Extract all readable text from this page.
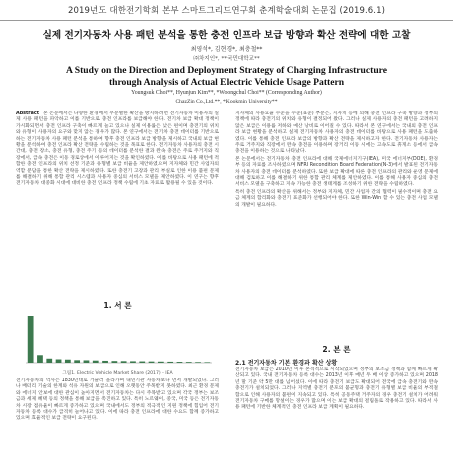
2019년도 대한전기학회 본부 스마트그리드연구회 춘계학술대회 논문집 (2019.6.1)
실제 전기자동차 사용 패턴 분석을 통한 충전 인프라 보급 방향과 확산 전략에 대한 고찰
최영석*, 김현경*, 최충철**
㈜차지인*, **국민대학교**
A Study on the Direction and Deployment Strategy of Charging Infrastructure through Analysis of Actual Electric Vehicle Usage Pattern
Youngsuk Choi**, Hyunjun Kim**, *Woongchul Choi** (Corresponding Author)
ChazZin Co.,Ltd.**, *Kookmin University**

Abstract 본 논문에서는 다양한 환경에서 무분별한 확산을 방지하려면 전기자동차 이용자의 실제 사용 패턴을 파악하고 이를 기반으로 충전 인프라를 보급해야 한다. 전기차 보급 확대 정책이 가시화되면서 충전 인프라 구축이 빠르게 늘고 있으나 실제 이용률은 낮은 편이며 충전기의 위치와 유형이 사용자의 요구와 맞지 않는 경우가 많다. 본 연구에서는 전기차 충전 데이터를 기반으로 하는 전기자동차 사용 패턴 분석을 통하여 향후 충전 인프라 보급 방향을 제시하고 국내외 보급 현황을 분석하여 충전 인프라 확산 전략을 수립하는 것을 목표로 한다. 전기자동차 사용자의 충전 시간대, 충전 장소, 충전 유형, 충전 주기 등의 데이터를 분석한 결과 완속 충전은 주로 주거지와 직장에서, 급속 충전은 이동 경로상에서 이루어지는 것을 확인하였다. 이를 바탕으로 사용 패턴에 적합한 충전 인프라의 위치 선정 기준과 유형별 보급 비율을 제안하였으며 지자체와 민간 사업자의 역할 분담을 통한 확산 전략을 제시하였다. 또한 충전기 고장과 관리 부실로 인한 이용 불편 문제를 해결하기 위해 통합 관리 시스템과 사용자 중심의 서비스 모델을 제안하였다. 이 연구는 향후 전기자동차 대중화 시대에 대비한 충전 인프라 정책 수립에 기초 자료로 활용될 수 있을 것이다.

1. 서 론
그림1. Electric Vehicle Market Share (2017) - IEA

전기자동차의 역사는 1830년대로 거슬러 올라가며 내연기관 자동차보다 먼저 개발되었다. 그러나 배터리 기술의 한계와 석유 자원의 보급으로 인해 오랫동안 주목받지 못하였다. 최근 환경 문제와 에너지 안보에 대한 관심이 높아지면서 전기자동차는 다시 주목받고 있으며 각국 정부는 보조금과 세제 혜택 등의 정책을 통해 보급을 촉진하고 있다. 특히 노르웨이, 중국, 미국 등은 전기자동차 시장 점유율이 빠르게 증가하고 있으며 국내에서도 정부의 적극적인 지원 정책에 힘입어 전기자동차 등록 대수가 급격히 늘어나고 있다. 이에 따라 충전 인프라에 대한 수요도 함께 증가하고 있으며 효율적인 보급 전략이 요구된다.

지자체의 사용요율 수준을 수준(표준) 부분은, 지자치 등에 의해 충전 인프라 구축 방향과 정부의 정책에 따라 충전기의 위치와 유형이 결정되어 왔다. 그러나 실제 사용자의 충전 패턴을 고려하지 않은 보급은 이용률 저하와 예산 낭비로 이어질 수 있다. 따라서 본 연구에서는 국내외 충전 인프라 보급 현황을 분석하고 실제 전기자동차 사용자의 충전 데이터를 바탕으로 사용 패턴을 도출하였다. 이를 통해 충전 인프라 보급의 방향과 확산 전략을 제시하고자 한다. 전기자동차 사용자는 주로 거주지와 직장에서 완속 충전을 이용하며 장거리 이동 시에는 고속도로 휴게소 등에서 급속 충전을 이용하는 것으로 나타났다.

본 논문에서는 전기자동차 충전 인프라에 대해 국제에너지기구(IEA), 미국 에너지부(DOE), 환경부 등의 자료를 조사하였으며 NFRI Recondition Board Federation(N-3)에서 발표된 전기자동차 사용자의 충전 데이터를 분석하였다. 또한 보급 확대에 따른 충전 인프라의 관리와 운영 문제에 대해 검토하고 이를 해결하기 위한 통합 관리 체계를 제안하였다. 이를 통해 사용자 중심의 충전 서비스 모델을 구축하고 지속 가능한 충전 생태계를 조성하기 위한 전략을 수립하였다.

특히 충전 인프라의 확산을 위해서는 정부와 지자체, 민간 사업자 간의 협력이 필수적이며 충전 요금 체계의 합리화와 충전기 표준화가 선행되어야 한다. 또한 Win-Win 할 수 있는 충전 사업 모델의 개발이 필요하다.

2. 본 론
2.1 전기자동차 기본 환경과 확산 상황

전기자동차 보급은 2010년 이후 본격적으로 시작되었으며 정부의 보조금 정책과 함께 빠르게 확산되고 있다. 국내 전기자동차 등록 대수는 2013년 이후 매년 두 배 이상 증가하고 있으며 2018년 말 기준 약 5만 대를 넘어섰다. 이에 따라 충전기 보급도 확대되어 전국에 급속 충전기와 완속 충전기가 설치되었다. 그러나 지역별 충전기 분포의 불균형과 충전기 유형별 보급 비율의 부적절함으로 인해 사용자의 불편이 지속되고 있다. 특히 공동주택 거주자의 경우 충전기 설치가 어려워 전기자동차 구매를 망설이는 경우가 많으며 이는 보급 확대의 걸림돌로 작용하고 있다. 따라서 사용 패턴에 기반한 체계적인 충전 인프라 보급 계획이 필요하다.
